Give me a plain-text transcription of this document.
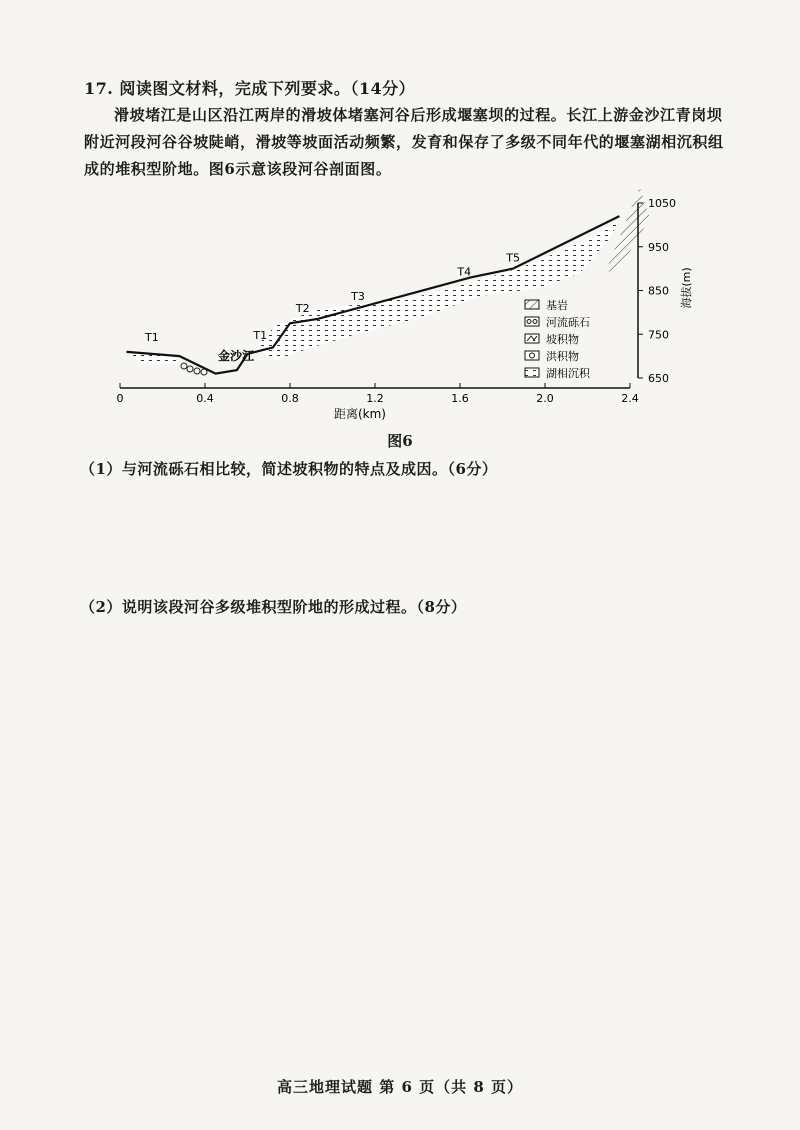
17. 阅读图文材料，完成下列要求。（14分）

滑坡堵江是山区沿江两岸的滑坡体堵塞河谷后形成堰塞坝的过程。长江上游金沙江青岗坝附近河段河谷谷坡陡峭，滑坡等坡面活动频繁，发育和保存了多级不同年代的堰塞湖相沉积组成的堆积型阶地。图6示意该段河谷剖面图。

0	0.4	0.8	1.2	1.6	2.0	2.4
650
750
850
950
1050
距离(km)
海拔(m)
金沙江
T1	T1
T2
T3
T4
T5
基岩
河流砾石
坡积物
洪积物
湖相沉积
图6
（1）与河流砾石相比较，简述坡积物的特点及成因。（6分）
（2）说明该段河谷多级堆积型阶地的形成过程。（8分）
高三地理试题 第 6 页（共 8 页）
